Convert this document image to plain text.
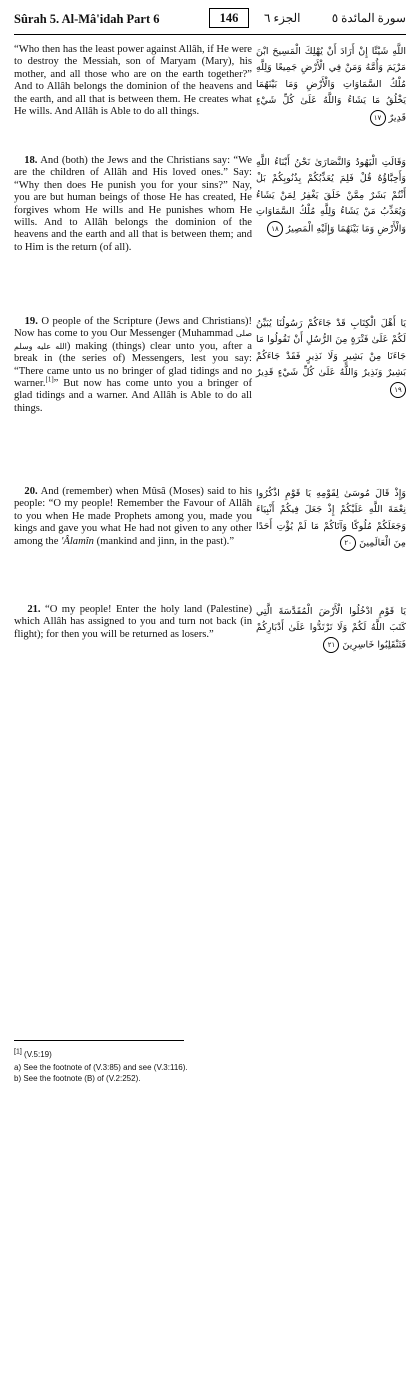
Sûrah 5. Al-Mâ'idah Part 6	146	الجزء ٦	سورة المائدة ٥

“Who then has the least power against Allâh, if He were to destroy the Messiah, son of Maryam (Mary), his mother, and all those who are on the earth together?” And to Allâh belongs the dominion of the heavens and the earth, and all that is between them. He creates what He wills. And Allâh is Able to do all things.

اللَّهِ شَيْئًا إِنْ أَرَادَ أَنْ يُهْلِكَ الْمَسِيحَ ابْنَ مَرْيَمَ وَأُمَّهُ وَمَنْ فِي الْأَرْضِ جَمِيعًا وَلِلَّهِ مُلْكُ السَّمَاوَاتِ وَالْأَرْضِ وَمَا بَيْنَهُمَا يَخْلُقُ مَا يَشَاءُ وَاللَّهُ عَلَىٰ كُلِّ شَيْءٍ قَدِيرٌ ١٧

18. And (both) the Jews and the Christians say: “We are the children of Allâh and His loved ones.” Say: “Why then does He punish you for your sins?” Nay, you are but human beings of those He has created, He forgives whom He wills and He punishes whom He wills. And to Allâh belongs the dominion of the heavens and the earth and all that is between them; and to Him is the return (of all).

وَقَالَتِ الْيَهُودُ وَالنَّصَارَىٰ نَحْنُ أَبْنَاءُ اللَّهِ وَأَحِبَّاؤُهُ قُلْ فَلِمَ يُعَذِّبُكُمْ بِذُنُوبِكُمْ بَلْ أَنْتُمْ بَشَرٌ مِمَّنْ خَلَقَ يَغْفِرُ لِمَنْ يَشَاءُ وَيُعَذِّبُ مَنْ يَشَاءُ وَلِلَّهِ مُلْكُ السَّمَاوَاتِ وَالْأَرْضِ وَمَا بَيْنَهُمَا وَإِلَيْهِ الْمَصِيرُ ١٨

19. O people of the Scripture (Jews and Christians)! Now has come to you Our Messenger (Muhammad صلى الله عليه وسلم) making (things) clear unto you, after a break in (the series of) Messengers, lest you say: “There came unto us no bringer of glad tidings and no warner.[1]” But now has come unto you a bringer of glad tidings and a warner. And Allâh is Able to do all things.

يَا أَهْلَ الْكِتَابِ قَدْ جَاءَكُمْ رَسُولُنَا يُبَيِّنُ لَكُمْ عَلَىٰ فَتْرَةٍ مِنَ الرُّسُلِ أَنْ تَقُولُوا مَا جَاءَنَا مِنْ بَشِيرٍ وَلَا نَذِيرٍ فَقَدْ جَاءَكُمْ بَشِيرٌ وَنَذِيرٌ وَاللَّهُ عَلَىٰ كُلِّ شَيْءٍ قَدِيرٌ ١٩

20. And (remember) when Mûsâ (Moses) said to his people: “O my people! Remember the Favour of Allâh to you when He made Prophets among you, made you kings and gave you what He had not given to any other among the 'Âlamîn (mankind and jinn, in the past).”

وَإِذْ قَالَ مُوسَىٰ لِقَوْمِهِ يَا قَوْمِ اذْكُرُوا نِعْمَةَ اللَّهِ عَلَيْكُمْ إِذْ جَعَلَ فِيكُمْ أَنْبِيَاءَ وَجَعَلَكُمْ مُلُوكًا وَآتَاكُمْ مَا لَمْ يُؤْتِ أَحَدًا مِنَ الْعَالَمِينَ ٢٠

21. “O my people! Enter the holy land (Palestine) which Allâh has assigned to you and turn not back (in flight); for then you will be returned as losers.”

يَا قَوْمِ ادْخُلُوا الْأَرْضَ الْمُقَدَّسَةَ الَّتِي كَتَبَ اللَّهُ لَكُمْ وَلَا تَرْتَدُّوا عَلَىٰ أَدْبَارِكُمْ فَتَنْقَلِبُوا خَاسِرِينَ ٢١
[1] (V.5:19)
a) See the footnote of (V.3:85) and see (V.3:116).
b) See the footnote (B) of (V.2:252).
